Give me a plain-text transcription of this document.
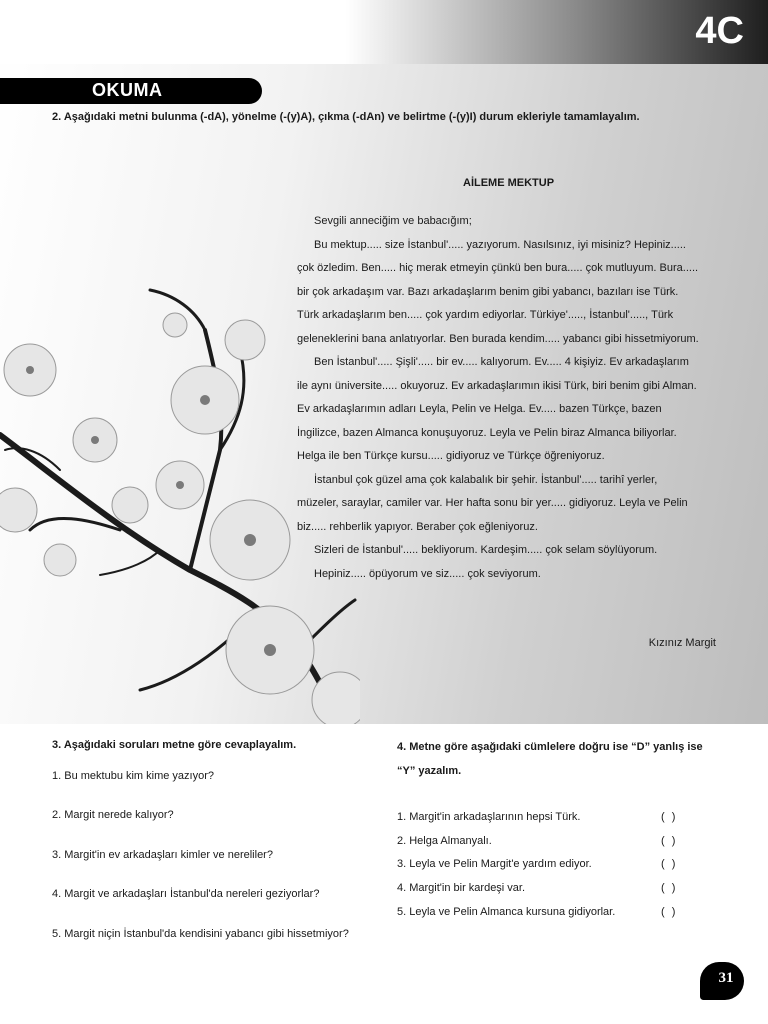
4C
OKUMA
2. Aşağıdaki metni bulunma (-dA), yönelme (-(y)A), çıkma (-dAn) ve belirtme (-(y)I) durum ekleriyle tamamlayalım.
AİLEME MEKTUP

Sevgili anneciğim ve babacığım;

Bu mektup..... size İstanbul'..... yazıyorum. Nasılsınız, iyi misiniz? Hepiniz..... çok özledim. Ben..... hiç merak etmeyin çünkü ben bura..... çok mutluyum. Bura..... bir çok arkadaşım var. Bazı arkadaşlarım benim gibi yabancı, bazıları ise Türk. Türk arkadaşlarım ben..... çok yardım ediyorlar. Türkiye'....., İstanbul'....., Türk geleneklerini bana anlatıyorlar. Ben burada kendim..... yabancı gibi hissetmiyorum.

Ben İstanbul'..... Şişli'..... bir ev..... kalıyorum. Ev..... 4 kişiyiz. Ev arkadaşlarım ile aynı üniversite..... okuyoruz. Ev arkadaşlarımın ikisi Türk, biri benim gibi Alman. Ev arkadaşlarımın adları Leyla, Pelin ve Helga. Ev..... bazen Türkçe, bazen İngilizce, bazen Almanca konuşuyoruz. Leyla ve Pelin biraz Almanca biliyorlar. Helga ile ben Türkçe kursu..... gidiyoruz ve Türkçe öğreniyoruz.

İstanbul çok güzel ama çok kalabalık bir şehir. İstanbul'..... tarihî yerler, müzeler, saraylar, camiler var. Her hafta sonu bir yer..... gidiyoruz. Leyla ve Pelin biz..... rehberlik yapıyor. Beraber çok eğleniyoruz.

Sizleri de İstanbul'..... bekliyorum. Kardeşim..... çok selam söylüyorum.

Hepiniz..... öpüyorum ve siz..... çok seviyorum.

Kızınız Margit
3. Aşağıdaki soruları metne göre cevaplayalım.
1. Bu mektubu kim kime yazıyor?
2. Margit nerede kalıyor?
3. Margit'in ev arkadaşları kimler ve nereliler?
4. Margit ve arkadaşları İstanbul'da nereleri geziyorlar?
5. Margit niçin İstanbul'da kendisini yabancı gibi hissetmiyor?
4. Metne göre aşağıdaki cümlelere doğru ise “D” yanlış ise “Y” yazalım.
1. Margit'in arkadaşlarının hepsi Türk.	( )
2. Helga Almanyalı.	( )
3. Leyla ve Pelin Margit'e yardım ediyor.	( )
4. Margit'in bir kardeşi var.	( )
5. Leyla ve Pelin Almanca kursuna gidiyorlar.	( )
31
